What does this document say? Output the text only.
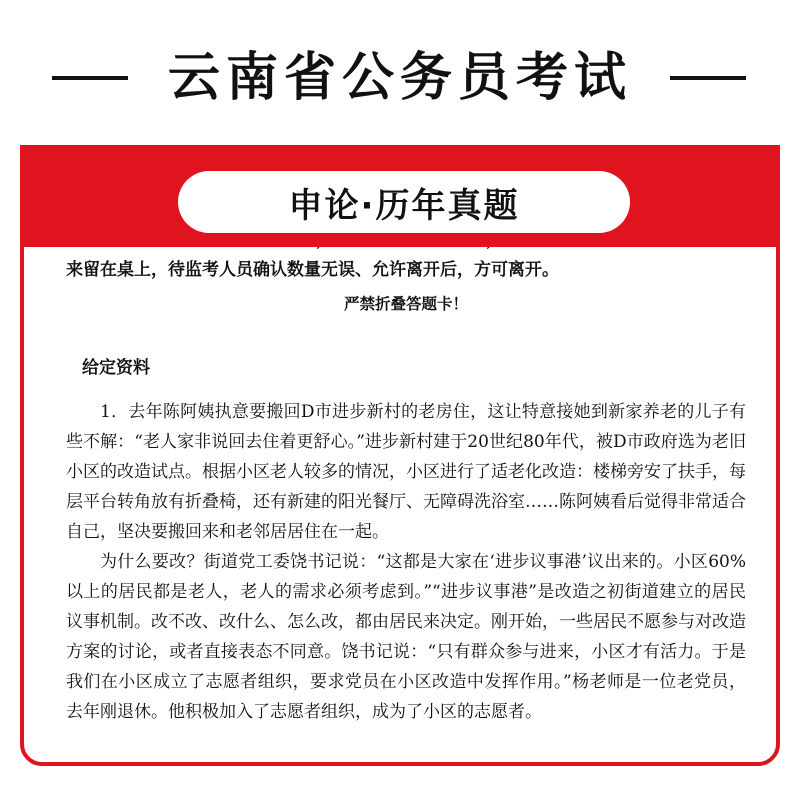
云南省公务员考试

来留在桌上，待监考人员确认数量无误、允许离开后，方可离开。

严禁折叠答题卡！

给定资料

1．去年陈阿姨执意要搬回D市进步新村的老房住，这让特意接她到新家养老的儿子有些不解：“老人家非说回去住着更舒心。”进步新村建于20世纪80年代，被D市政府选为老旧小区的改造试点。根据小区老人较多的情况，小区进行了适老化改造：楼梯旁安了扶手，每层平台转角放有折叠椅，还有新建的阳光餐厅、无障碍洗浴室……陈阿姨看后觉得非常适合自己，坚决要搬回来和老邻居居住在一起。

为什么要改？街道党工委饶书记说：“这都是大家在‘进步议事港’议出来的。小区60%以上的居民都是老人，老人的需求必须考虑到。”“进步议事港”是改造之初街道建立的居民议事机制。改不改、改什么、怎么改，都由居民来决定。刚开始，一些居民不愿参与对改造方案的讨论，或者直接表态不同意。饶书记说：“只有群众参与进来，小区才有活力。于是我们在小区成立了志愿者组织，要求党员在小区改造中发挥作用。”杨老师是一位老党员，去年刚退休。他积极加入了志愿者组织，成为了小区的志愿者。

申论·历年真题
